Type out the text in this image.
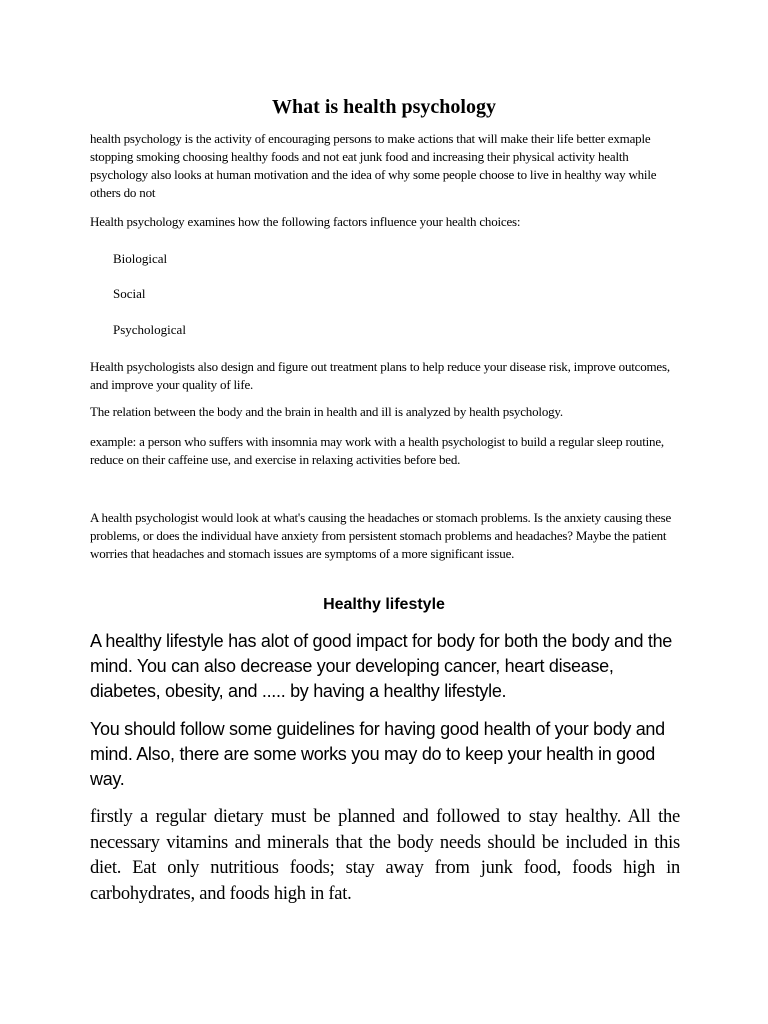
What is health psychology

health psychology is the activity of encouraging persons to make actions that will make their life better exmaple stopping smoking choosing healthy foods and not eat junk food and increasing their physical activity health psychology also looks at human motivation and the idea of why some people choose to live in healthy way while others do not

Health psychology examines how the following factors influence your health choices:

Biological

Social

Psychological

Health psychologists also design and figure out treatment plans to help reduce your disease risk, improve outcomes, and improve your quality of life.

The relation between the body and the brain in health and ill is analyzed by health psychology.

example: a person who suffers with insomnia may work with a health psychologist to build a regular sleep routine, reduce on their caffeine use, and exercise in relaxing activities before bed.

A health psychologist would look at what's causing the headaches or stomach problems. Is the anxiety causing these problems, or does the individual have anxiety from persistent stomach problems and headaches? Maybe the patient worries that headaches and stomach issues are symptoms of a more significant issue.

Healthy lifestyle

A healthy lifestyle has alot of good impact for body for both the body and the mind. You can also decrease your developing cancer, heart disease, diabetes, obesity, and ..... by having a healthy lifestyle.

You should follow some guidelines for having good health of your body and mind. Also, there are some works you may do to keep your health in good way.

firstly a regular dietary must be planned and followed to stay healthy. All the necessary vitamins and minerals that the body needs should be included in this diet. Eat only nutritious foods; stay away from junk food, foods high in carbohydrates, and foods high in fat.
